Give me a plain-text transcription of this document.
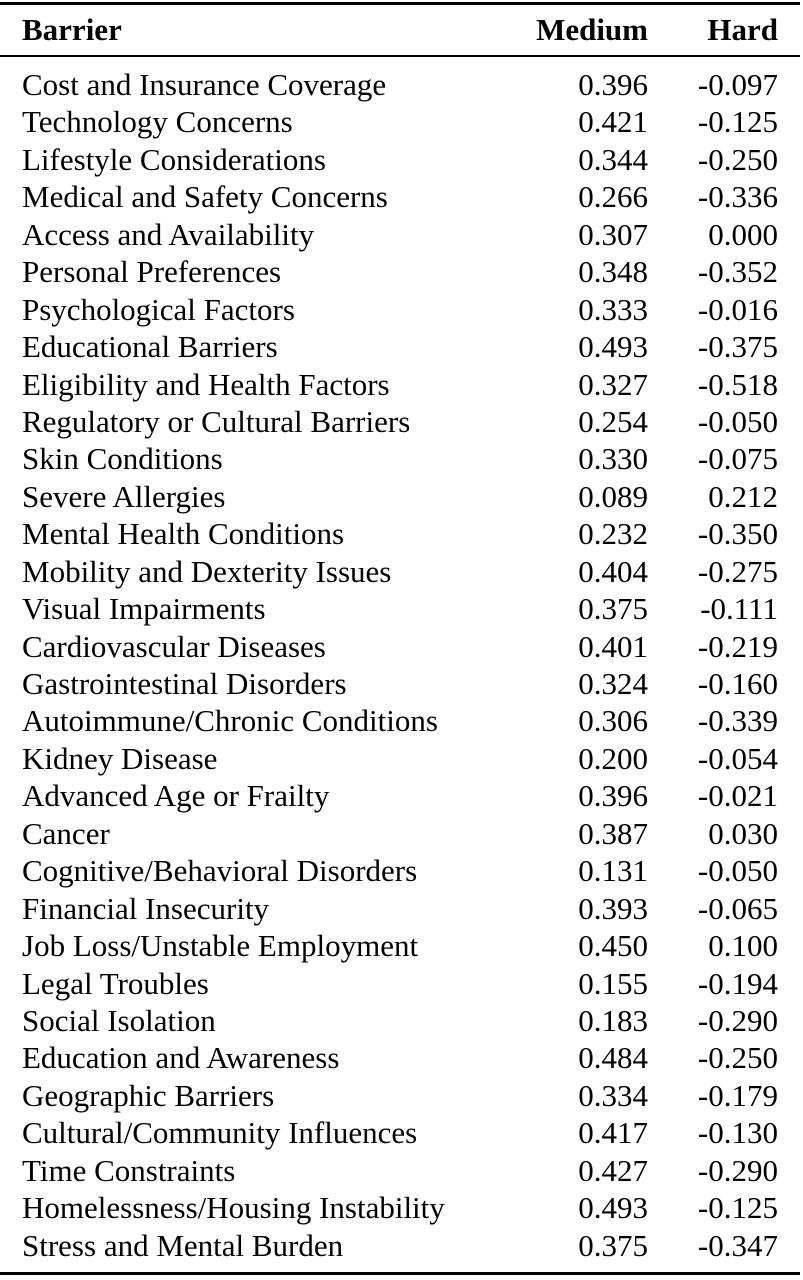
Barrier	Medium Hard
Cost and Insurance Coverage	0.396 -0.097
Technology Concerns	0.421 -0.125
Lifestyle Considerations	0.344 -0.250
Medical and Safety Concerns	0.266 -0.336
Access and Availability	0.307 0.000
Personal Preferences	0.348 -0.352
Psychological Factors	0.333 -0.016
Educational Barriers	0.493 -0.375
Eligibility and Health Factors	0.327 -0.518
Regulatory or Cultural Barriers	0.254 -0.050
Skin Conditions	0.330 -0.075
Severe Allergies	0.089 0.212
Mental Health Conditions	0.232 -0.350
Mobility and Dexterity Issues	0.404 -0.275
Visual Impairments	0.375 -0.111
Cardiovascular Diseases	0.401 -0.219
Gastrointestinal Disorders	0.324 -0.160
Autoimmune/Chronic Conditions	0.306 -0.339
Kidney Disease	0.200 -0.054
Advanced Age or Frailty	0.396 -0.021
Cancer	0.387 0.030
Cognitive/Behavioral Disorders	0.131 -0.050
Financial Insecurity	0.393 -0.065
Job Loss/Unstable Employment	0.450 0.100
Legal Troubles	0.155 -0.194
Social Isolation	0.183 -0.290
Education and Awareness	0.484 -0.250
Geographic Barriers	0.334 -0.179
Cultural/Community Influences	0.417 -0.130
Time Constraints	0.427 -0.290
Homelessness/Housing Instability	0.493 -0.125
Stress and Mental Burden	0.375 -0.347
